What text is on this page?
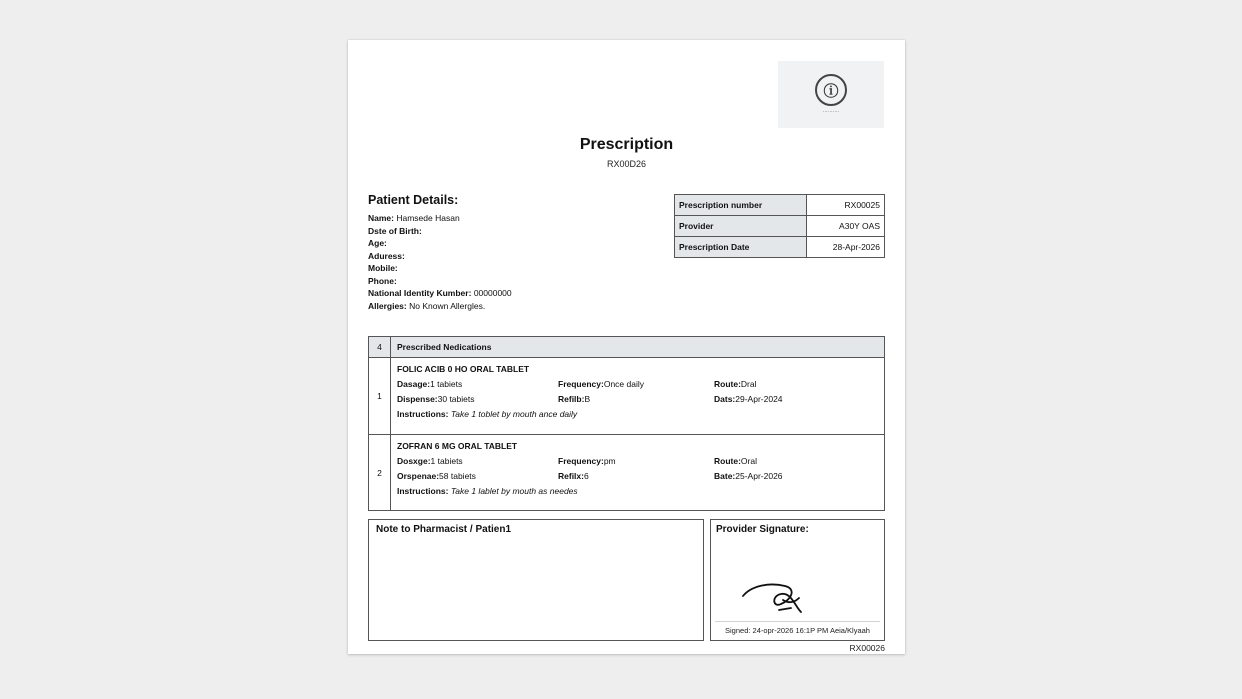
ⓘ
··········
Prescription
RX00D26
Patient Details:
Name: Hamsede Hasan
Dste of Birth:
Age:
Aduress:
Mobile:
Phone:
National Identity Kumber: 00000000
Allergies: No Known Allergles.
Prescription number	RX00025
Provider	A30Y OAS
Prescription Date	28-Apr-2026
4	Prescribed Nedications
1
FOLIC ACIB 0 HO ORAL TABLET
Dasage: 1 tabiets	Frequency: Once daily	Route: Dral
Dispense: 30 tabiets	Refilb: B	Dats: 29-Apr-2024
Instructions: Take 1 toblet by mouth ance daily
2
ZOFRAN 6 MG ORAL TABLET
Dosxge: 1 tabiets	Frequency: pm	Route: Oral
Orspenae: 58 tabiets	Refilx: 6	Bate: 25-Apr-2026
Instructions: Take 1 lablet by mouth as needes
Note to Pharmacist / Patien1	Provider Signature:
Signed: 24-opr-2026 16:1P PM Aeia/Klyaah
RX00026
